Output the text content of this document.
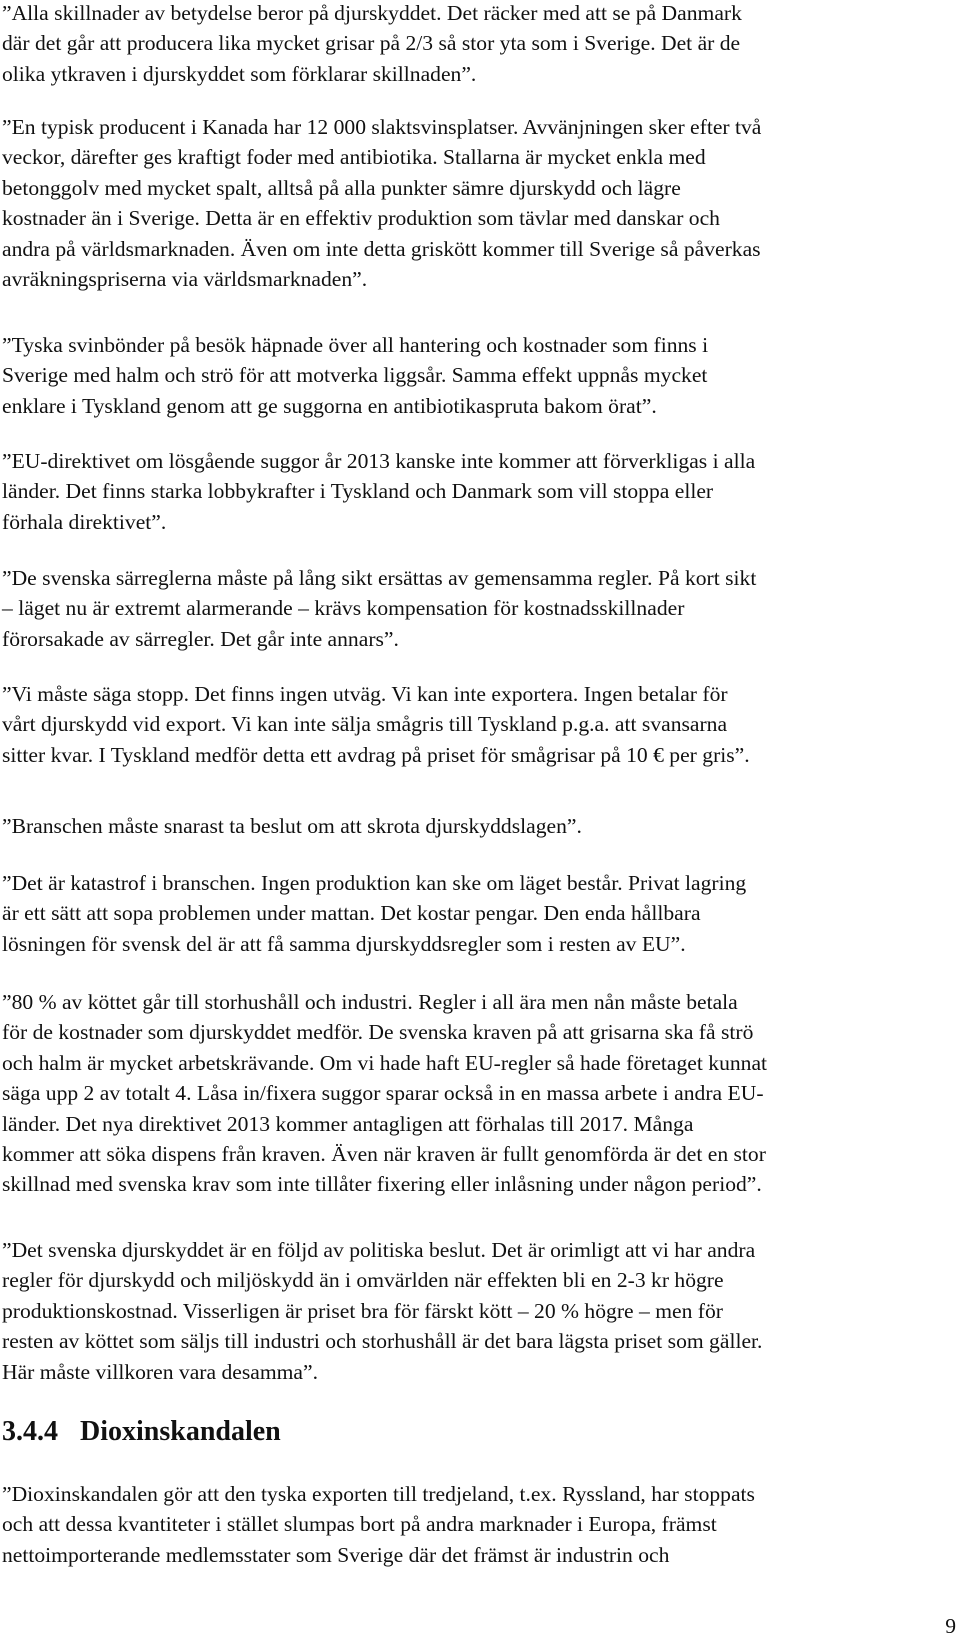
”Alla skillnader av betydelse beror på djurskyddet. Det räcker med att se på Danmark
där det går att producera lika mycket grisar på 2/3 så stor yta som i Sverige. Det är de
olika ytkraven i djurskyddet som förklarar skillnaden”.

”En typisk producent i Kanada har 12 000 slaktsvinsplatser. Avvänjningen sker efter två
veckor, därefter ges kraftigt foder med antibiotika. Stallarna är mycket enkla med
betonggolv med mycket spalt, alltså på alla punkter sämre djurskydd och lägre
kostnader än i Sverige. Detta är en effektiv produktion som tävlar med danskar och
andra på världsmarknaden. Även om inte detta griskött kommer till Sverige så påverkas
avräkningspriserna via världsmarknaden”.

”Tyska svinbönder på besök häpnade över all hantering och kostnader som finns i
Sverige med halm och strö för att motverka liggsår. Samma effekt uppnås mycket
enklare i Tyskland genom att ge suggorna en antibiotikaspruta bakom örat”.

”EU-direktivet om lösgående suggor år 2013 kanske inte kommer att förverkligas i alla
länder. Det finns starka lobbykrafter i Tyskland och Danmark som vill stoppa eller
förhala direktivet”.

”De svenska särreglerna måste på lång sikt ersättas av gemensamma regler. På kort sikt
– läget nu är extremt alarmerande – krävs kompensation för kostnadsskillnader
förorsakade av särregler. Det går inte annars”.

”Vi måste säga stopp. Det finns ingen utväg. Vi kan inte exportera. Ingen betalar för
vårt djurskydd vid export. Vi kan inte sälja smågris till Tyskland p.g.a. att svansarna
sitter kvar. I Tyskland medför detta ett avdrag på priset för smågrisar på 10 € per gris”.

”Branschen måste snarast ta beslut om att skrota djurskyddslagen”.

”Det är katastrof i branschen. Ingen produktion kan ske om läget består. Privat lagring
är ett sätt att sopa problemen under mattan. Det kostar pengar. Den enda hållbara
lösningen för svensk del är att få samma djurskyddsregler som i resten av EU”.

”80 % av köttet går till storhushåll och industri. Regler i all ära men nån måste betala
för de kostnader som djurskyddet medför. De svenska kraven på att grisarna ska få strö
och halm är mycket arbetskrävande. Om vi hade haft EU-regler så hade företaget kunnat
säga upp 2 av totalt 4. Låsa in/fixera suggor sparar också in en massa arbete i andra EU-
länder. Det nya direktivet 2013 kommer antagligen att förhalas till 2017. Många
kommer att söka dispens från kraven. Även när kraven är fullt genomförda är det en stor
skillnad med svenska krav som inte tillåter fixering eller inlåsning under någon period”.

”Det svenska djurskyddet är en följd av politiska beslut. Det är orimligt att vi har andra
regler för djurskydd och miljöskydd än i omvärlden när effekten bli en 2-3 kr högre
produktionskostnad. Visserligen är priset bra för färskt kött – 20 % högre – men för
resten av köttet som säljs till industri och storhushåll är det bara lägsta priset som gäller.
Här måste villkoren vara desamma”.

3.4.4 Dioxinskandalen

”Dioxinskandalen gör att den tyska exporten till tredjeland, t.ex. Ryssland, har stoppats
och att dessa kvantiteter i stället slumpas bort på andra marknader i Europa, främst
nettoimporterande medlemsstater som Sverige där det främst är industrin och

9
